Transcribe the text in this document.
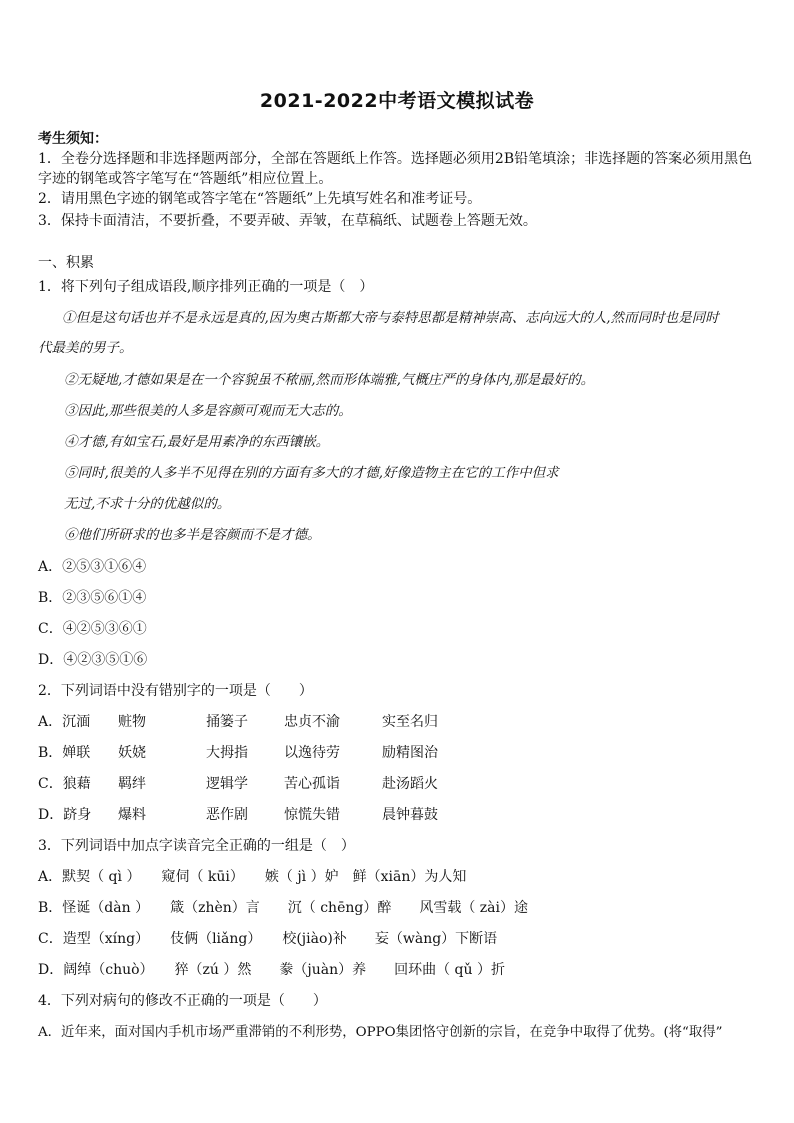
2021-2022中考语文模拟试卷
考生须知：
1．全卷分选择题和非选择题两部分，全部在答题纸上作答。选择题必须用2B铅笔填涂；非选择题的答案必须用黑色
字迹的钢笔或答字笔写在“答题纸”相应位置上。
2．请用黑色字迹的钢笔或答字笔在“答题纸”上先填写姓名和准考证号。
3．保持卡面清洁，不要折叠，不要弄破、弄皱，在草稿纸、试题卷上答题无效。
一、积累
1．将下列句子组成语段,顺序排列正确的一项是（　）
①但是这句话也并不是永远是真的,因为奥古斯都大帝与泰特思都是精神崇高、志向远大的人,然而同时也是同时
代最美的男子。
②无疑地,才德如果是在一个容貌虽不秾丽,然而形体端雅,气概庄严的身体内,那是最好的。
③因此,那些很美的人多是容颜可观而无大志的。
④才德,有如宝石,最好是用素净的东西镶嵌。
⑤同时,很美的人多半不见得在别的方面有多大的才德,好像造物主在它的工作中但求
无过,不求十分的优越似的。
⑥他们所研求的也多半是容颜而不是才德。
A．②⑤③①⑥④
B．②③⑤⑥①④
C．④②⑤③⑥①
D．④②③⑤①⑥
2．下列词语中没有错别字的一项是（　　）
A．沉湎 赃物	捅篓子	忠贞不渝	实至名归
B．婵联 妖娆	大拇指	以逸待劳	励精图治
C．狼藉 羁绊	逻辑学	苦心孤诣	赴汤蹈火
D．跻身 爆料	恶作剧	惊慌失错	晨钟暮鼓
3．下列词语中加点字读音完全正确的一组是（　）
A．默契（ qì ）　　窥伺（ kūi）　　嫉（ jì ）妒　鲜（xiān）为人知
B．怪诞（dàn ）　　箴（zhèn）言　　沉（ chēng）醉　　风雪载（ zài）途
C．造型（xíng）　　伎俩（liǎng）　　校(jiào)补　　妄（wàng）下断语
D．阔绰（chuò）　　猝（zú ）然　　豢（juàn）养　　回环曲（ qǔ ）折
4．下列对病句的修改不正确的一项是（　　）
A．近年来，面对国内手机市场严重滞销的不利形势，OPPO集团恪守创新的宗旨，在竞争中取得了优势。(将“取得”
